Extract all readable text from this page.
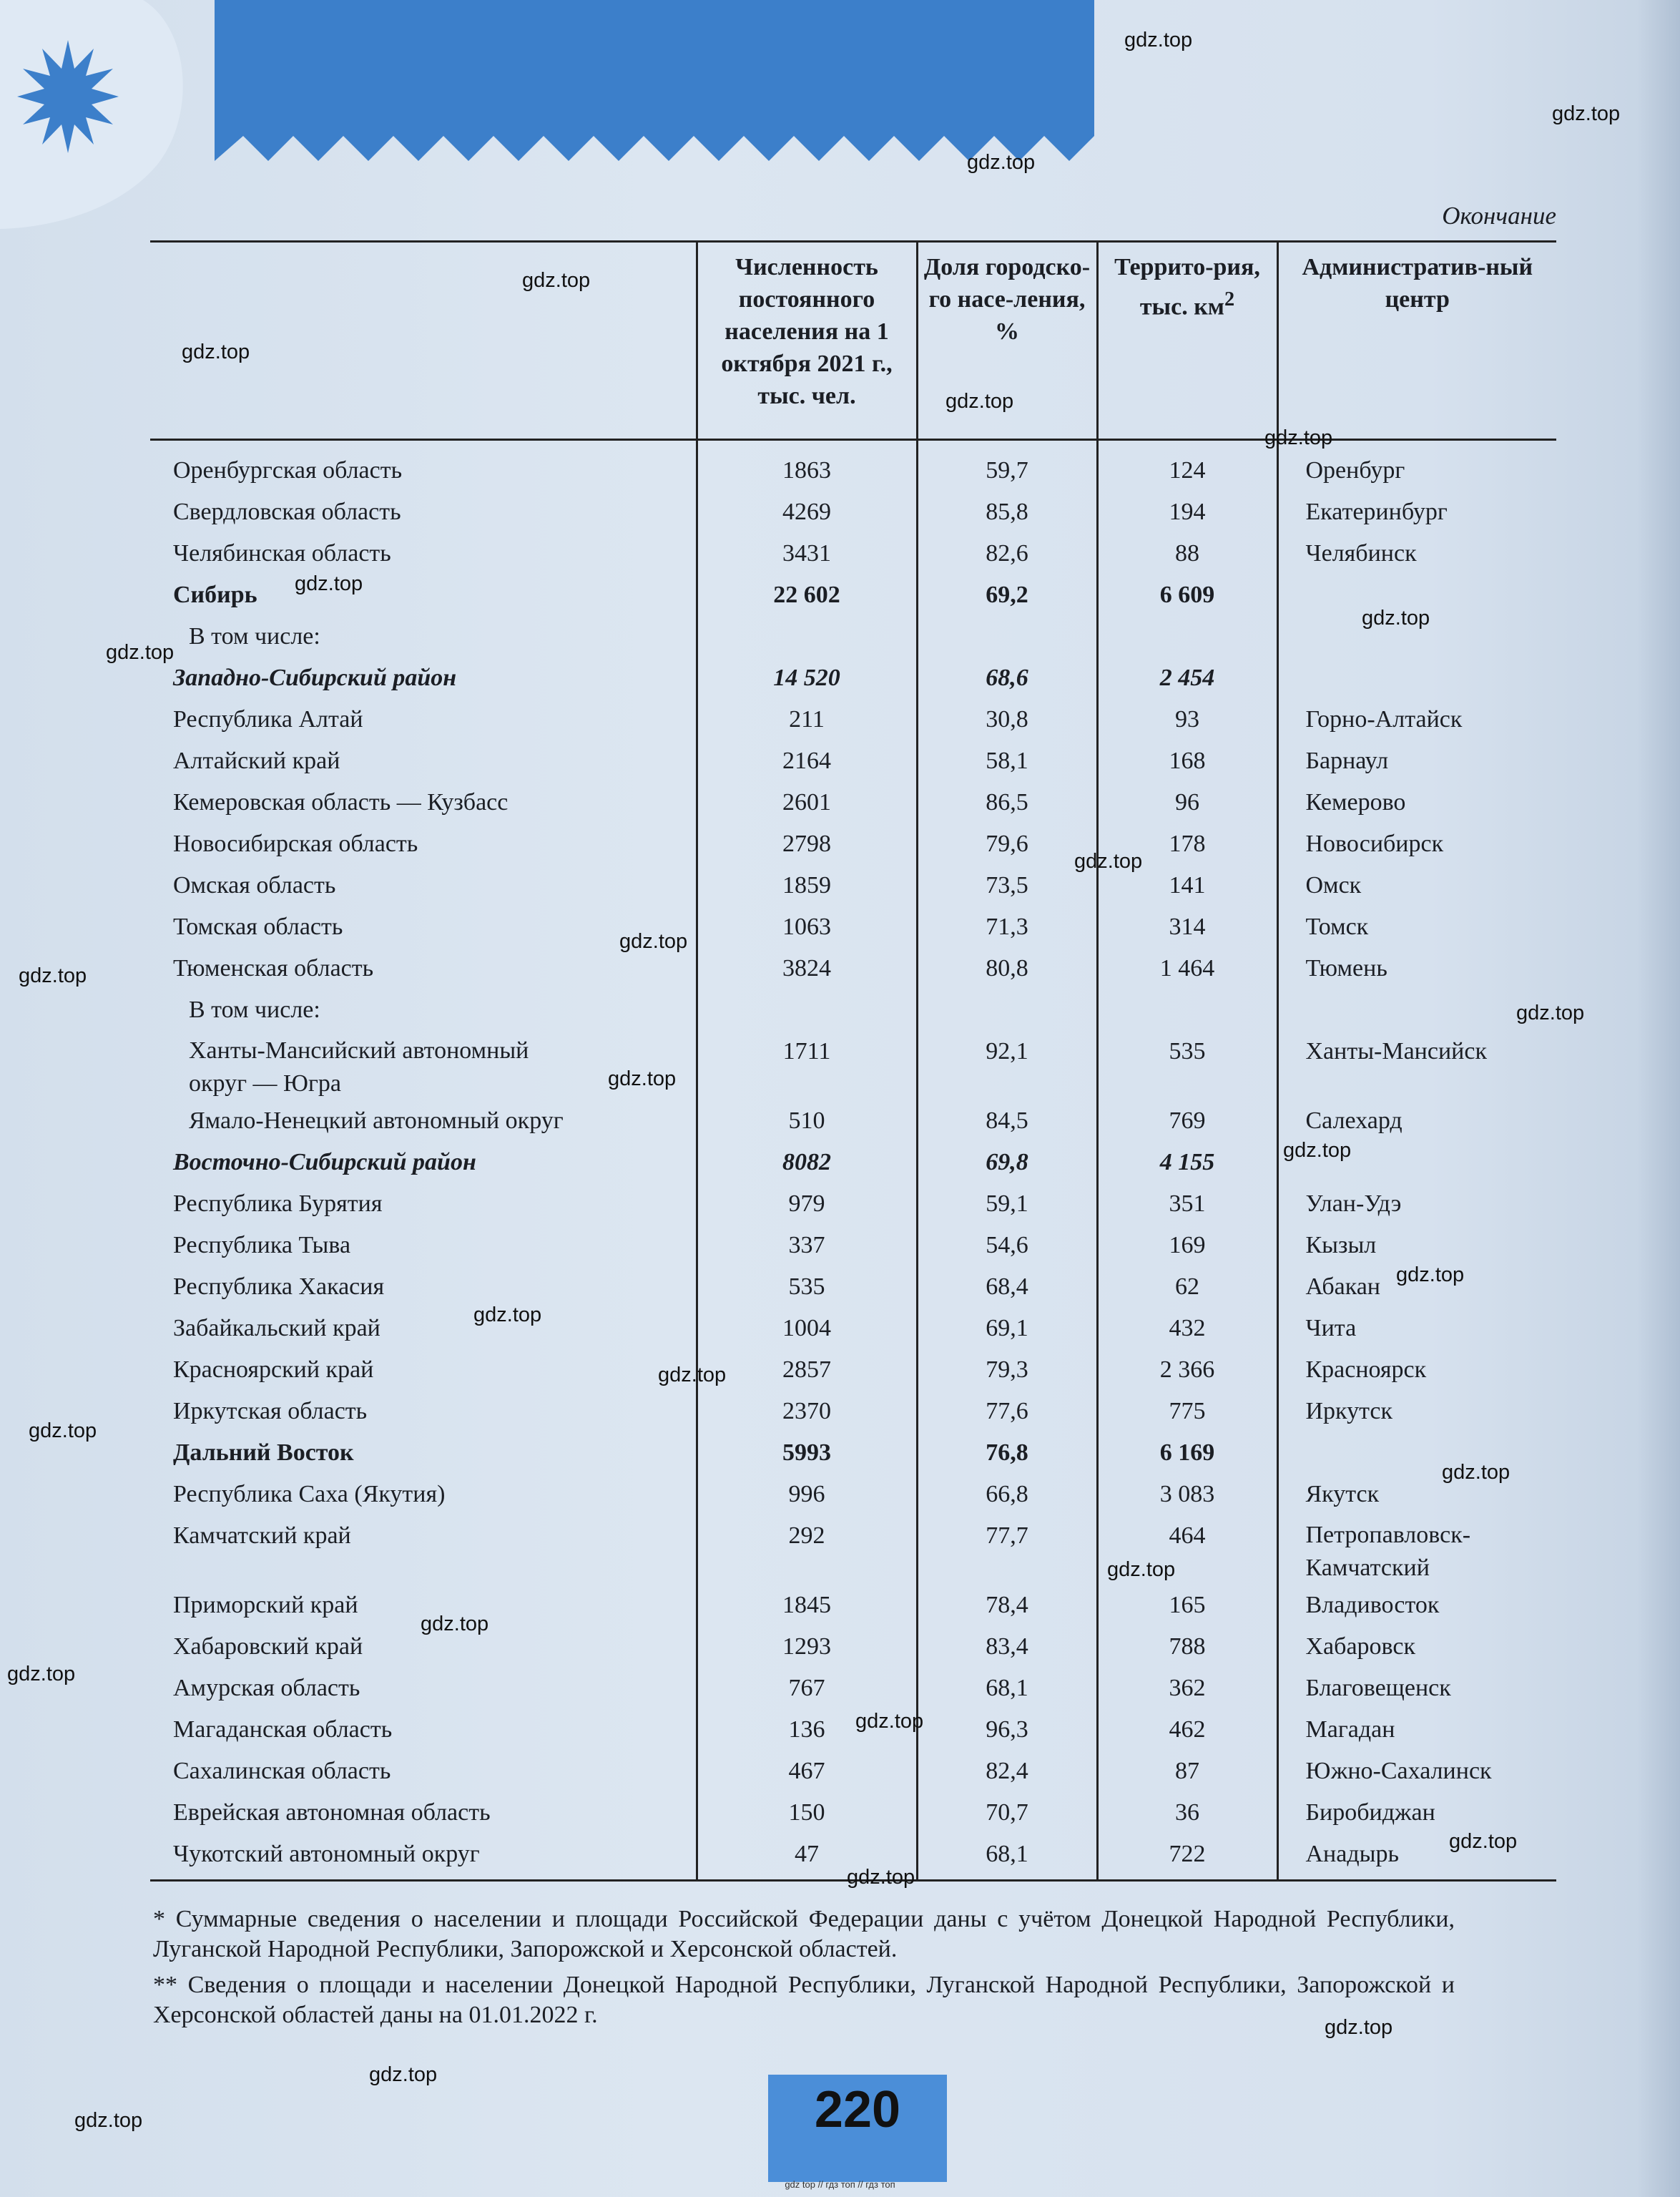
Окончание
	Численность постоянного населения на 1 октября 2021 г., тыс. чел.	Доля городско-го насе-ления, %	Террито-рия, тыс. $км^2$	Административ-ный центр
Оренбургская область	1863	59,7	124	Оренбург
Свердловская область	4269	85,8	194	Екатеринбург
Челябинская область	3431	82,6	88	Челябинск
Сибирь	22 602	69,2	6 609	
В том числе:				
Западно-Сибирский район	14 520	68,6	2 454	
Республика Алтай	211	30,8	93	Горно-Алтайск
Алтайский край	2164	58,1	168	Барнаул
Кемеровская область — Кузбасс	2601	86,5	96	Кемерово
Новосибирская область	2798	79,6	178	Новосибирск
Омская область	1859	73,5	141	Омск
Томская область	1063	71,3	314	Томск
Тюменская область	3824	80,8	1 464	Тюмень
В том числе:				

Ханты-Мансийский автономный
округ — Югра	1711	92,1	535	Ханты-Мансийск
Ямало-Ненецкий автономный округ	510	84,5	769	Салехард
Восточно-Сибирский район	8082	69,8	4 155	
Республика Бурятия	979	59,1	351	Улан-Удэ
Республика Тыва	337	54,6	169	Кызыл
Республика Хакасия	535	68,4	62	Абакан
Забайкальский край	1004	69,1	432	Чита
Красноярский край	2857	79,3	2 366	Красноярск
Иркутская область	2370	77,6	775	Иркутск
Дальний Восток	5993	76,8	6 169	
Республика Саха (Якутия)	996	66,8	3 083	Якутск
Камчатский край	292	77,7	464	Петропавловск-
Камчатский

Приморский край	1845	78,4	165	Владивосток
Хабаровский край	1293	83,4	788	Хабаровск
Амурская область	767	68,1	362	Благовещенск
Магаданская область	136	96,3	462	Магадан
Сахалинская область	467	82,4	87	Южно-Сахалинск
Еврейская автономная область	150	70,7	36	Биробиджан
Чукотский автономный округ	47	68,1	722	Анадырь

* Суммарные сведения о населении и площади Российской Федерации даны с учётом Донецкой Народной Республики, Луганской Народной Республики, Запорожской и Херсонской областей.

** Сведения о площади и населении Донецкой Народной Республики, Луганской Народной Республики, Запорожской и Херсонской областей даны на 01.01.2022 г.

220
gdz top // гдз топ // гдз топ
gdz.top
gdz.top
gdz.top
gdz.top
gdz.top
gdz.top
gdz.top
gdz.top
gdz.top
gdz.top
gdz.top
gdz.top
gdz.top
gdz.top
gdz.top
gdz.top
gdz.top
gdz.top
gdz.top
gdz.top
gdz.top
gdz.top
gdz.top
gdz.top
gdz.top
gdz.top
gdz.top
gdz.top
gdz.top
gdz.top
